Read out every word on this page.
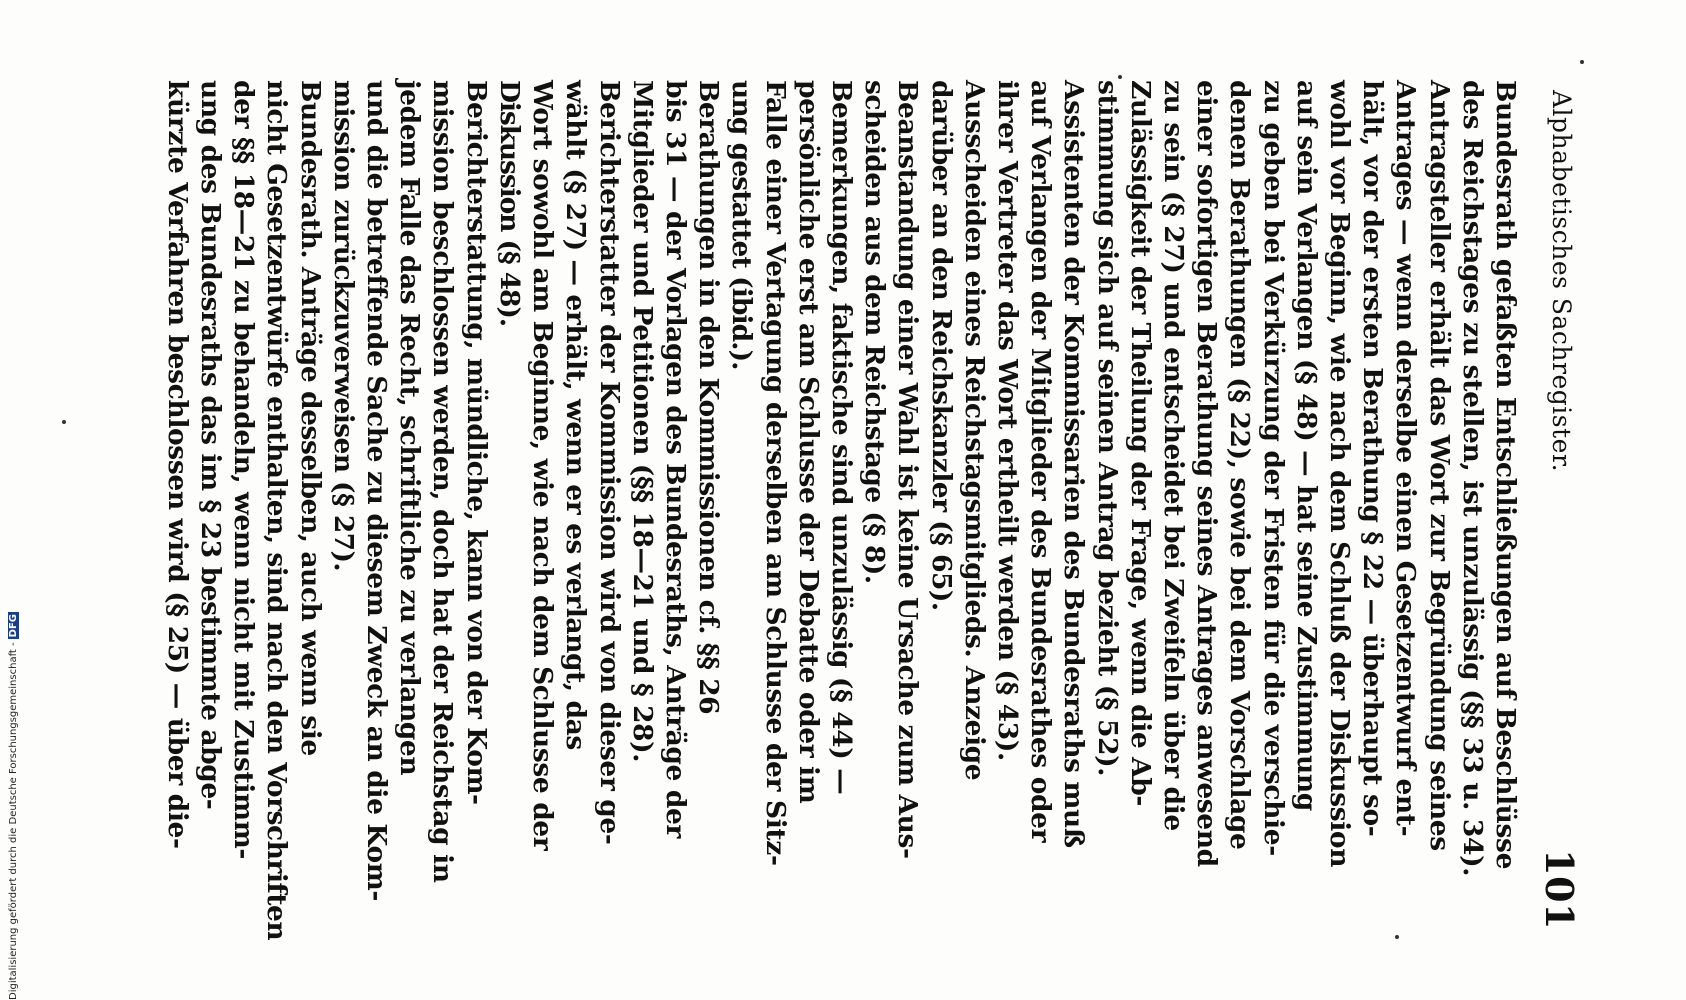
Alphabetisches Sachregister.
101
Bundesrath gefaßten Entschließungen auf Beschlüsse
des Reichstages zu stellen, ist unzulässig (§§ 33 u. 34).
Antragsteller erhält das Wort zur Begründung seines
Antrages — wenn derselbe einen Gesetzentwurf ent-
hält, vor der ersten Berathung § 22 — überhaupt so-
wohl vor Beginn, wie nach dem Schluß der Diskussion
auf sein Verlangen (§ 48) — hat seine Zustimmung
zu geben bei Verkürzung der Fristen für die verschie-
denen Berathungen (§ 22), sowie bei dem Vorschlage
einer sofortigen Berathung seines Antrages anwesend
zu sein (§ 27) und entscheidet bei Zweifeln über die
Zulässigkeit der Theilung der Frage, wenn die Ab-
stimmung sich auf seinen Antrag bezieht (§ 52).
Assistenten der Kommissarien des Bundesraths muß
auf Verlangen der Mitglieder des Bundesrathes oder
ihrer Vertreter das Wort ertheilt werden (§ 43).
Ausscheiden eines Reichstagsmitglieds. Anzeige
darüber an den Reichskanzler (§ 65).
Beanstandung einer Wahl ist keine Ursache zum Aus-
scheiden aus dem Reichstage (§ 8).
Bemerkungen, faktische sind unzulässig (§ 44) —
persönliche erst am Schlusse der Debatte oder im
Falle einer Vertagung derselben am Schlusse der Sitz-
ung gestattet (ibid.).
Berathungen in den Kommissionen cf. §§ 26
bis 31 — der Vorlagen des Bundesraths, Anträge der
Mitglieder und Petitionen (§§ 18—21 und § 28).
Berichterstatter der Kommission wird von dieser ge-
wählt (§ 27) — erhält, wenn er es verlangt, das
Wort sowohl am Beginne, wie nach dem Schlusse der
Diskussion (§ 48).
Berichterstattung, mündliche, kann von der Kom-
mission beschlossen werden, doch hat der Reichstag in
jedem Falle das Recht, schriftliche zu verlangen
und die betreffende Sache zu diesem Zweck an die Kom-
mission zurückzuverweisen (§ 27).
Bundesrath. Anträge desselben, auch wenn sie
nicht Gesetzentwürfe enthalten, sind nach den Vorschriften
der §§ 18—21 zu behandeln, wenn nicht mit Zustimm-
ung des Bundesraths das im § 23 bestimmte abge-
kürzte Verfahren beschlossen wird (§ 25) — über die-
Digitalisierung gefördert durch die Deutsche Forschungsgemeinschaft -DFG
